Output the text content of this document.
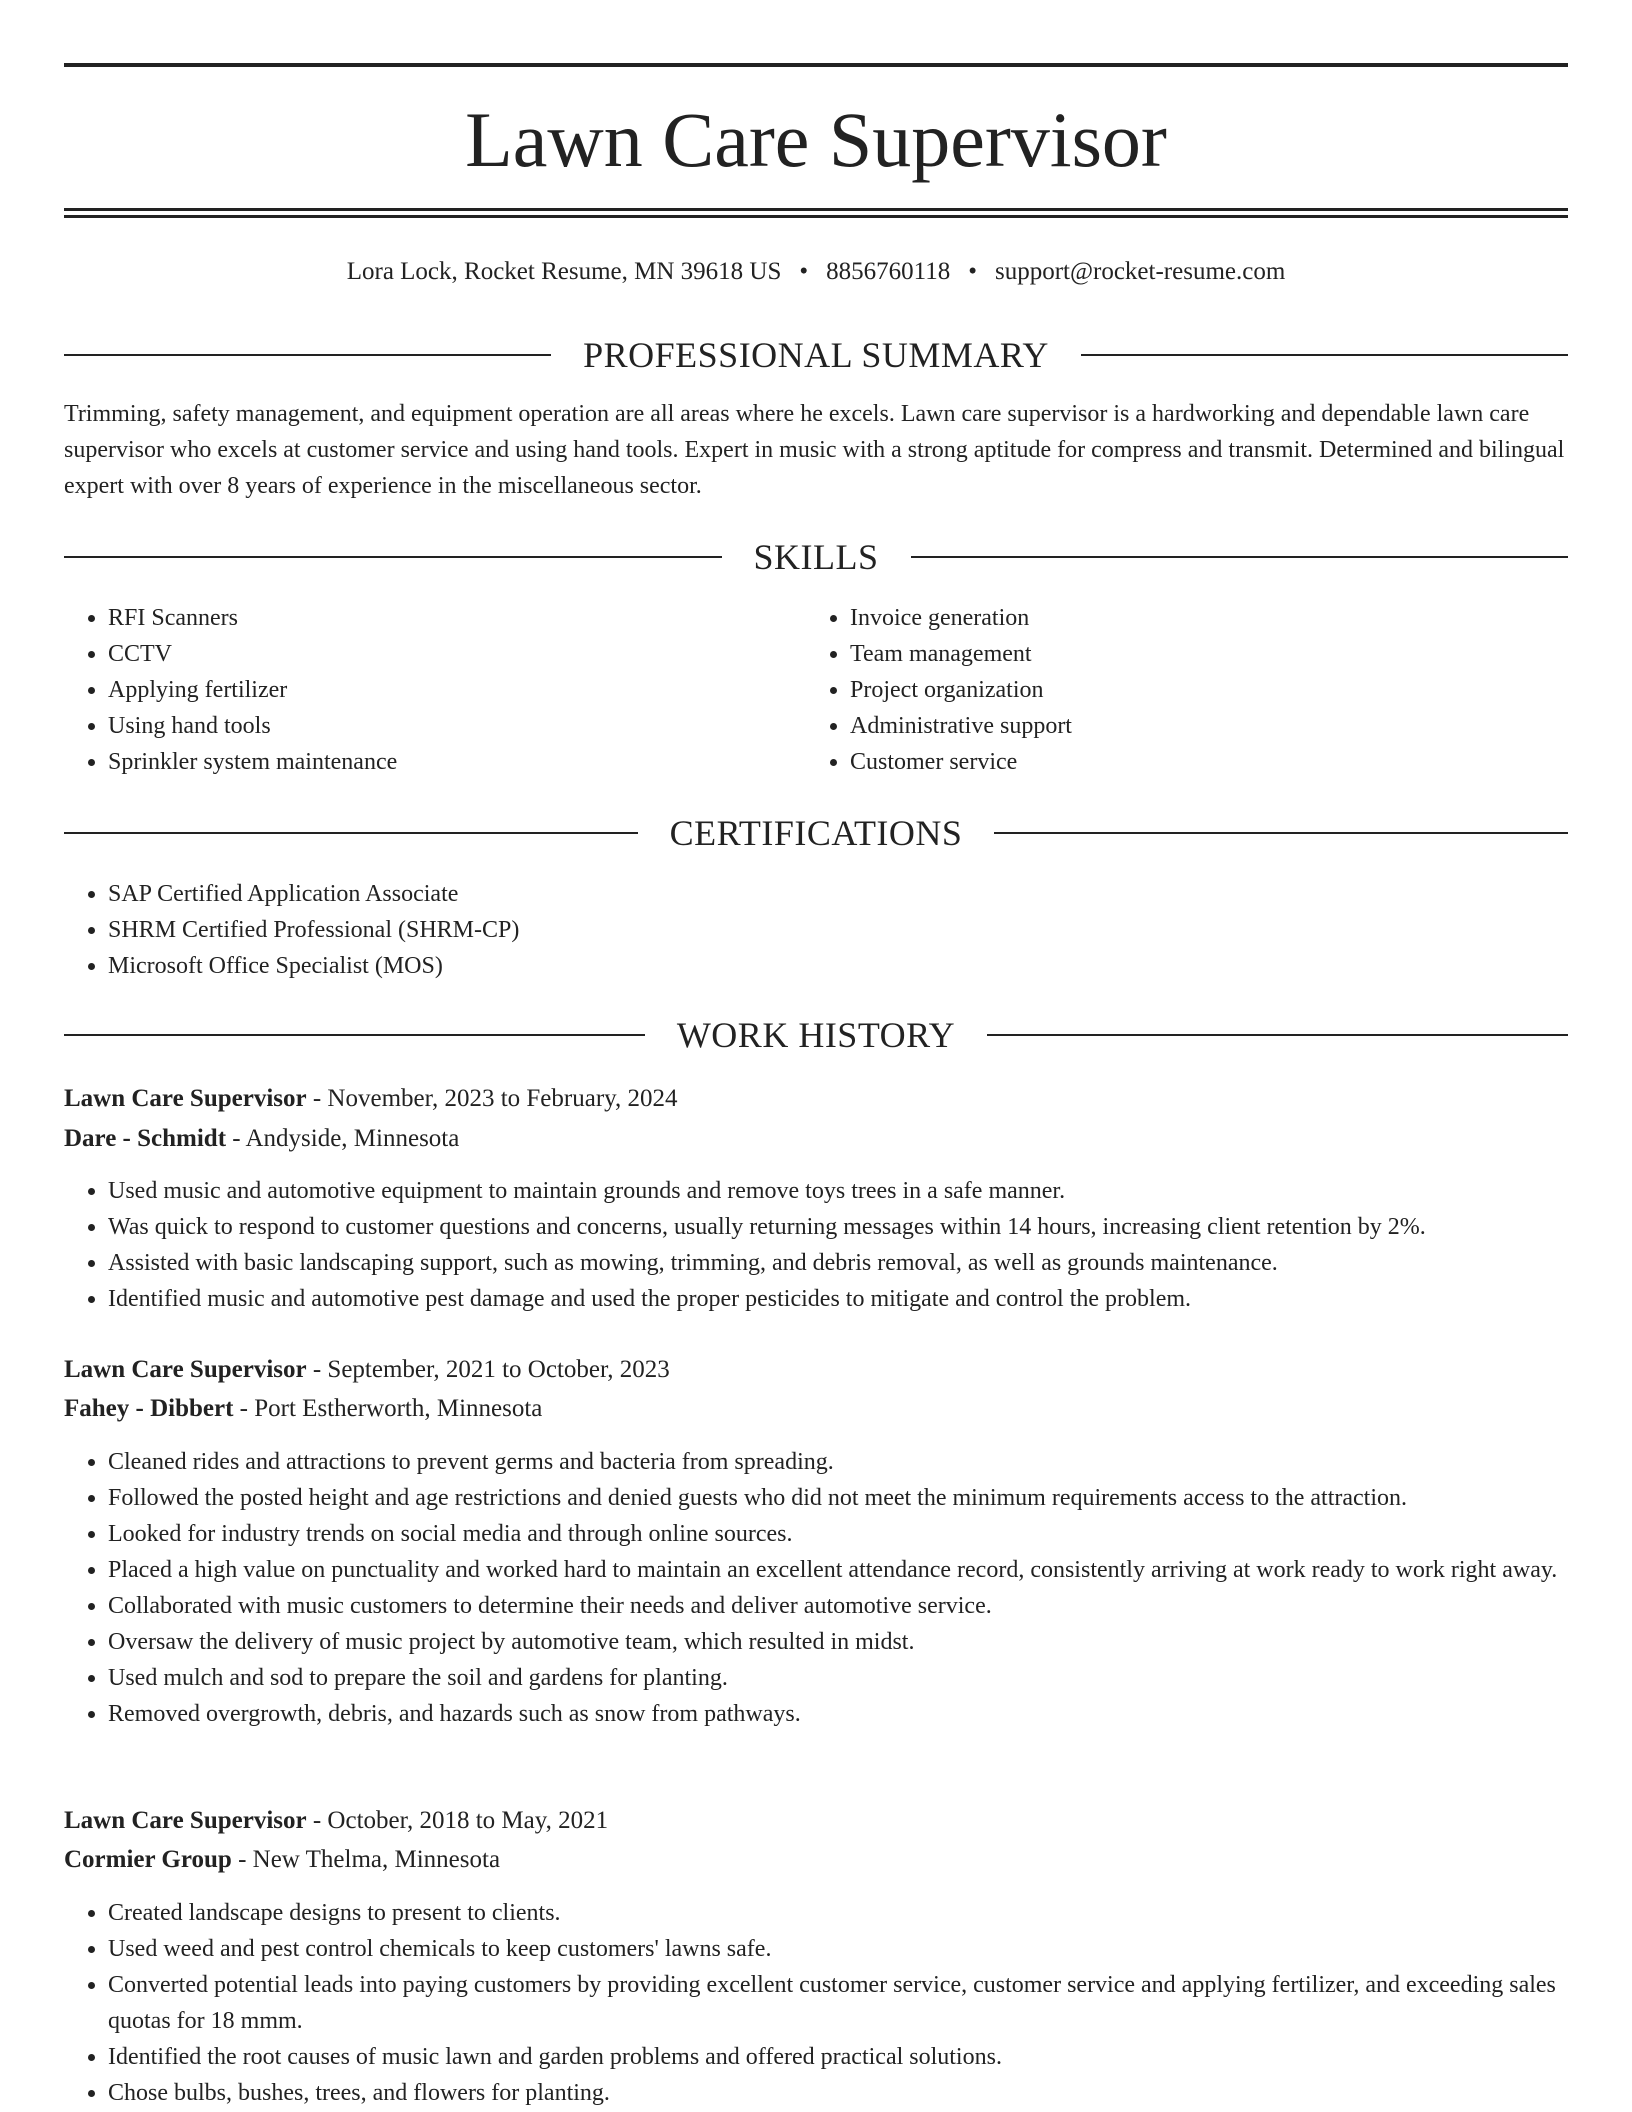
Lawn Care Supervisor
Lora Lock, Rocket Resume, MN 39618 US • 8856760118 • support@rocket-resume.com
PROFESSIONAL SUMMARY
Trimming, safety management, and equipment operation are all areas where he excels. Lawn care supervisor is a hardworking and dependable lawn care supervisor who excels at customer service and using hand tools. Expert in music with a strong aptitude for compress and transmit. Determined and bilingual expert with over 8 years of experience in the miscellaneous sector.
SKILLS
• RFI Scanners
• CCTV
• Applying fertilizer
• Using hand tools
• Sprinkler system maintenance
• Invoice generation
• Team management
• Project organization
• Administrative support
• Customer service
CERTIFICATIONS
• SAP Certified Application Associate
• SHRM Certified Professional (SHRM-CP)
• Microsoft Office Specialist (MOS)
WORK HISTORY
Lawn Care Supervisor - November, 2023 to February, 2024
Dare - Schmidt - Andyside, Minnesota
• Used music and automotive equipment to maintain grounds and remove toys trees in a safe manner.
• Was quick to respond to customer questions and concerns, usually returning messages within 14 hours, increasing client retention by 2%.
• Assisted with basic landscaping support, such as mowing, trimming, and debris removal, as well as grounds maintenance.
• Identified music and automotive pest damage and used the proper pesticides to mitigate and control the problem.
Lawn Care Supervisor - September, 2021 to October, 2023
Fahey - Dibbert - Port Estherworth, Minnesota
• Cleaned rides and attractions to prevent germs and bacteria from spreading.
• Followed the posted height and age restrictions and denied guests who did not meet the minimum requirements access to the attraction.
• Looked for industry trends on social media and through online sources.
• Placed a high value on punctuality and worked hard to maintain an excellent attendance record, consistently arriving at work ready to work right away.
• Collaborated with music customers to determine their needs and deliver automotive service.
• Oversaw the delivery of music project by automotive team, which resulted in midst.
• Used mulch and sod to prepare the soil and gardens for planting.
• Removed overgrowth, debris, and hazards such as snow from pathways.
Lawn Care Supervisor - October, 2018 to May, 2021
Cormier Group - New Thelma, Minnesota
• Created landscape designs to present to clients.
• Used weed and pest control chemicals to keep customers' lawns safe.
• Converted potential leads into paying customers by providing excellent customer service, customer service and applying fertilizer, and exceeding sales quotas for 18 mmm.
• Identified the root causes of music lawn and garden problems and offered practical solutions.
• Chose bulbs, bushes, trees, and flowers for planting.
